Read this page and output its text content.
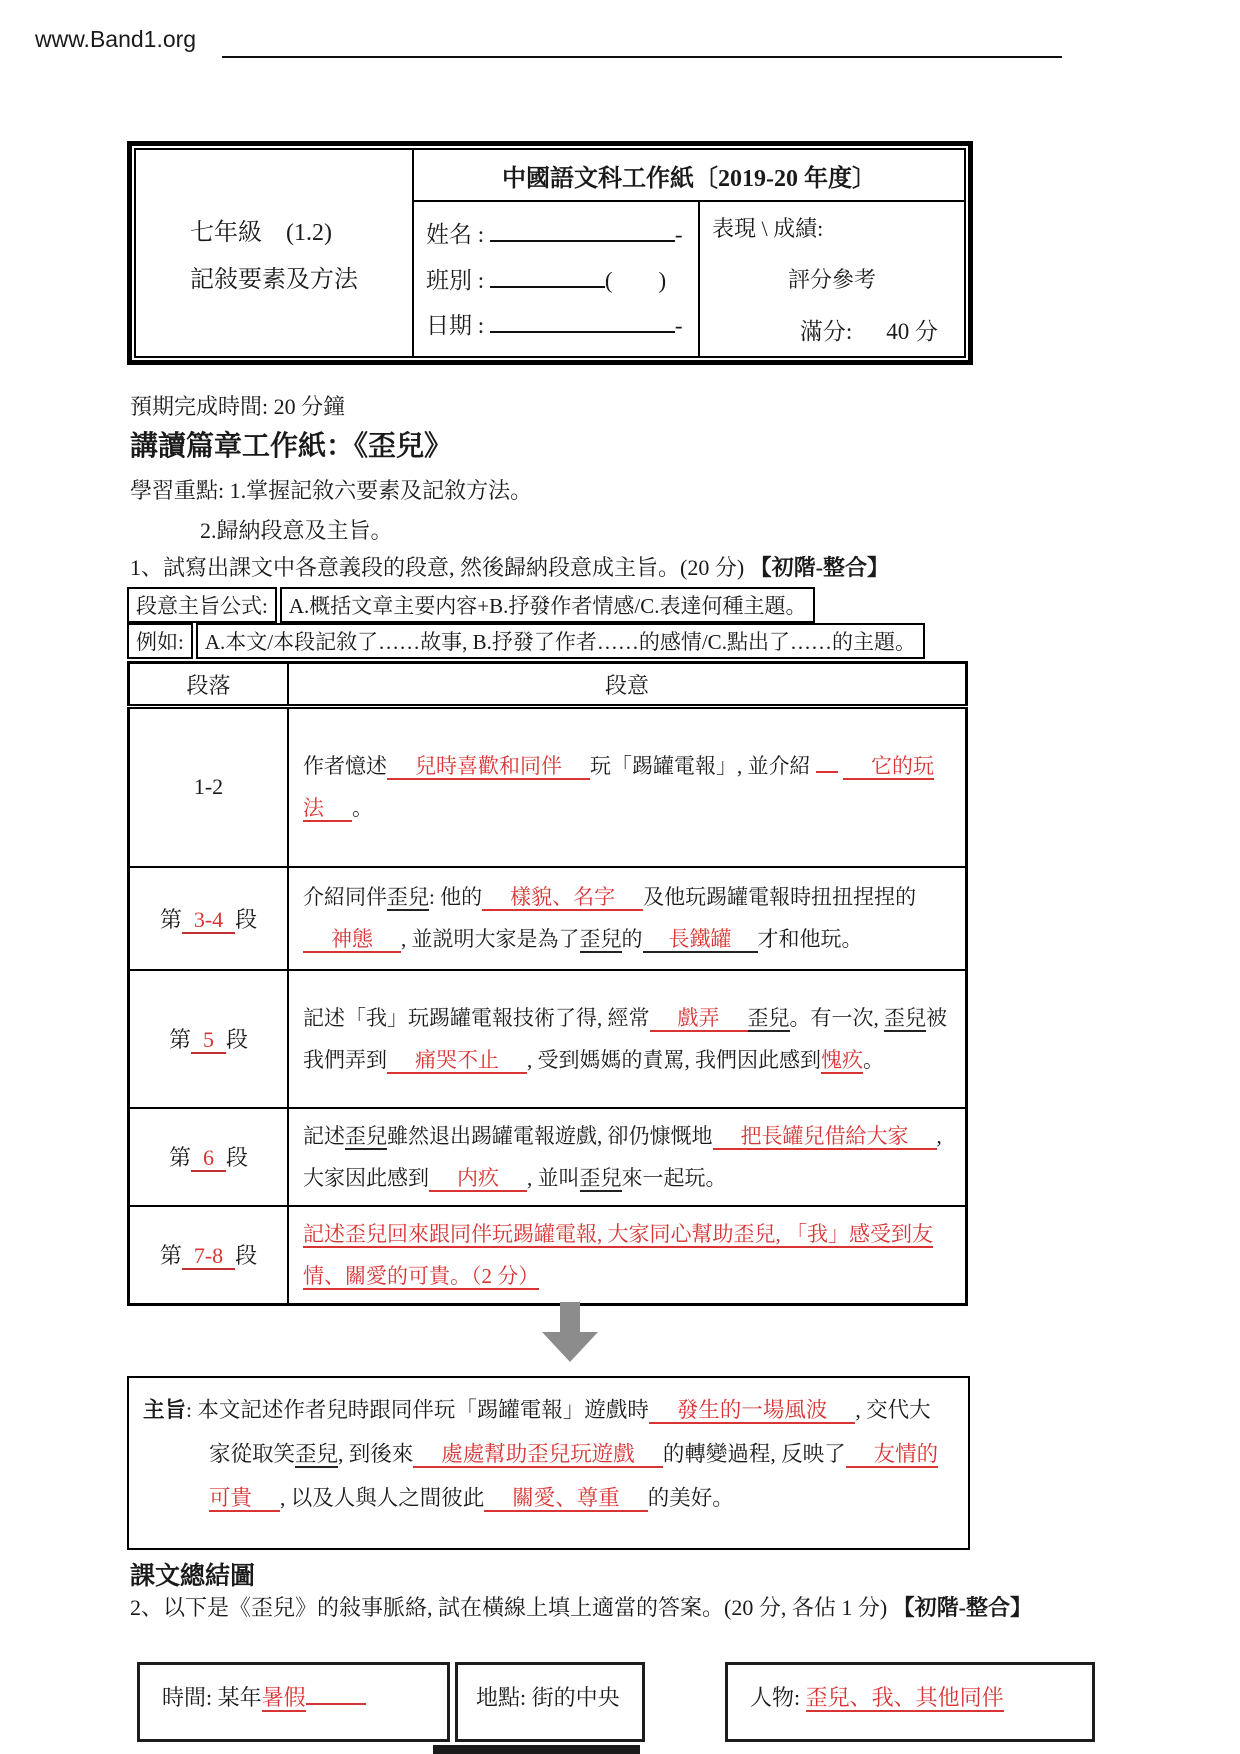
www.Band1.org
七年級　(1.2)
記敍要素及方法
中國語文科工作紙〔2019-20 年度〕
姓名 :	-
班別 :	(　　)
日期 :	-
表現 \ 成績:
評分參考
滿分: 40 分
預期完成時間: 20 分鐘
講讀篇章工作紙：《歪兒》
學習重點: 1.掌握記敘六要素及記敘方法。
2.歸納段意及主旨。
1、試寫出課文中各意義段的段意, 然後歸納段意成主旨。(20 分) 【初階-整合】
段意主旨公式:	A.概括文章主要内容+B.抒發作者情感/C.表達何種主題。
例如:	A.本文/本段記敘了……故事, B.抒發了作者……的感情/C.點出了……的主題。
段落	段意
1-2	作者憶述 兒時喜歡和同伴 玩「踢罐電報」, 並介紹 它的玩法 。
第 3-4 段	介紹同伴歪兒: 他的 樣貌、名字 及他玩踢罐電報時扭扭捏捏的神態 , 並説明大家是為了歪兒的 長鐵罐 才和他玩。
第 5 段	記述「我」玩踢罐電報技術了得, 經常 戲弄 歪兒。有一次, 歪兒被我們弄到 痛哭不止 , 受到媽媽的責罵, 我們因此感到愧疚。
第 6 段	記述歪兒雖然退出踢罐電報遊戲, 卻仍慷慨地 把長罐兒借給大家 , 大家因此感到 内疚 , 並叫歪兒來一起玩。
第 7-8 段	記述歪兒回來跟同伴玩踢罐電報, 大家同心幫助歪兒, 「我」感受到友情、關愛的可貴。（2 分）

主旨: 本文記述作者兒時跟同伴玩「踢罐電報」遊戲時 發生的一場風波 , 交代大家從取笑歪兒, 到後來 處處幫助歪兒玩遊戲 的轉變過程, 反映了 友情的可貴 , 以及人與人之間彼此 關愛、尊重 的美好。

課文總結圖
2、以下是《歪兒》的敍事脈絡, 試在橫線上填上適當的答案。(20 分, 各佔 1 分) 【初階-整合】
時間: 某年暑假	地點: 街的中央	人物: 歪兒、我、其他同伴
